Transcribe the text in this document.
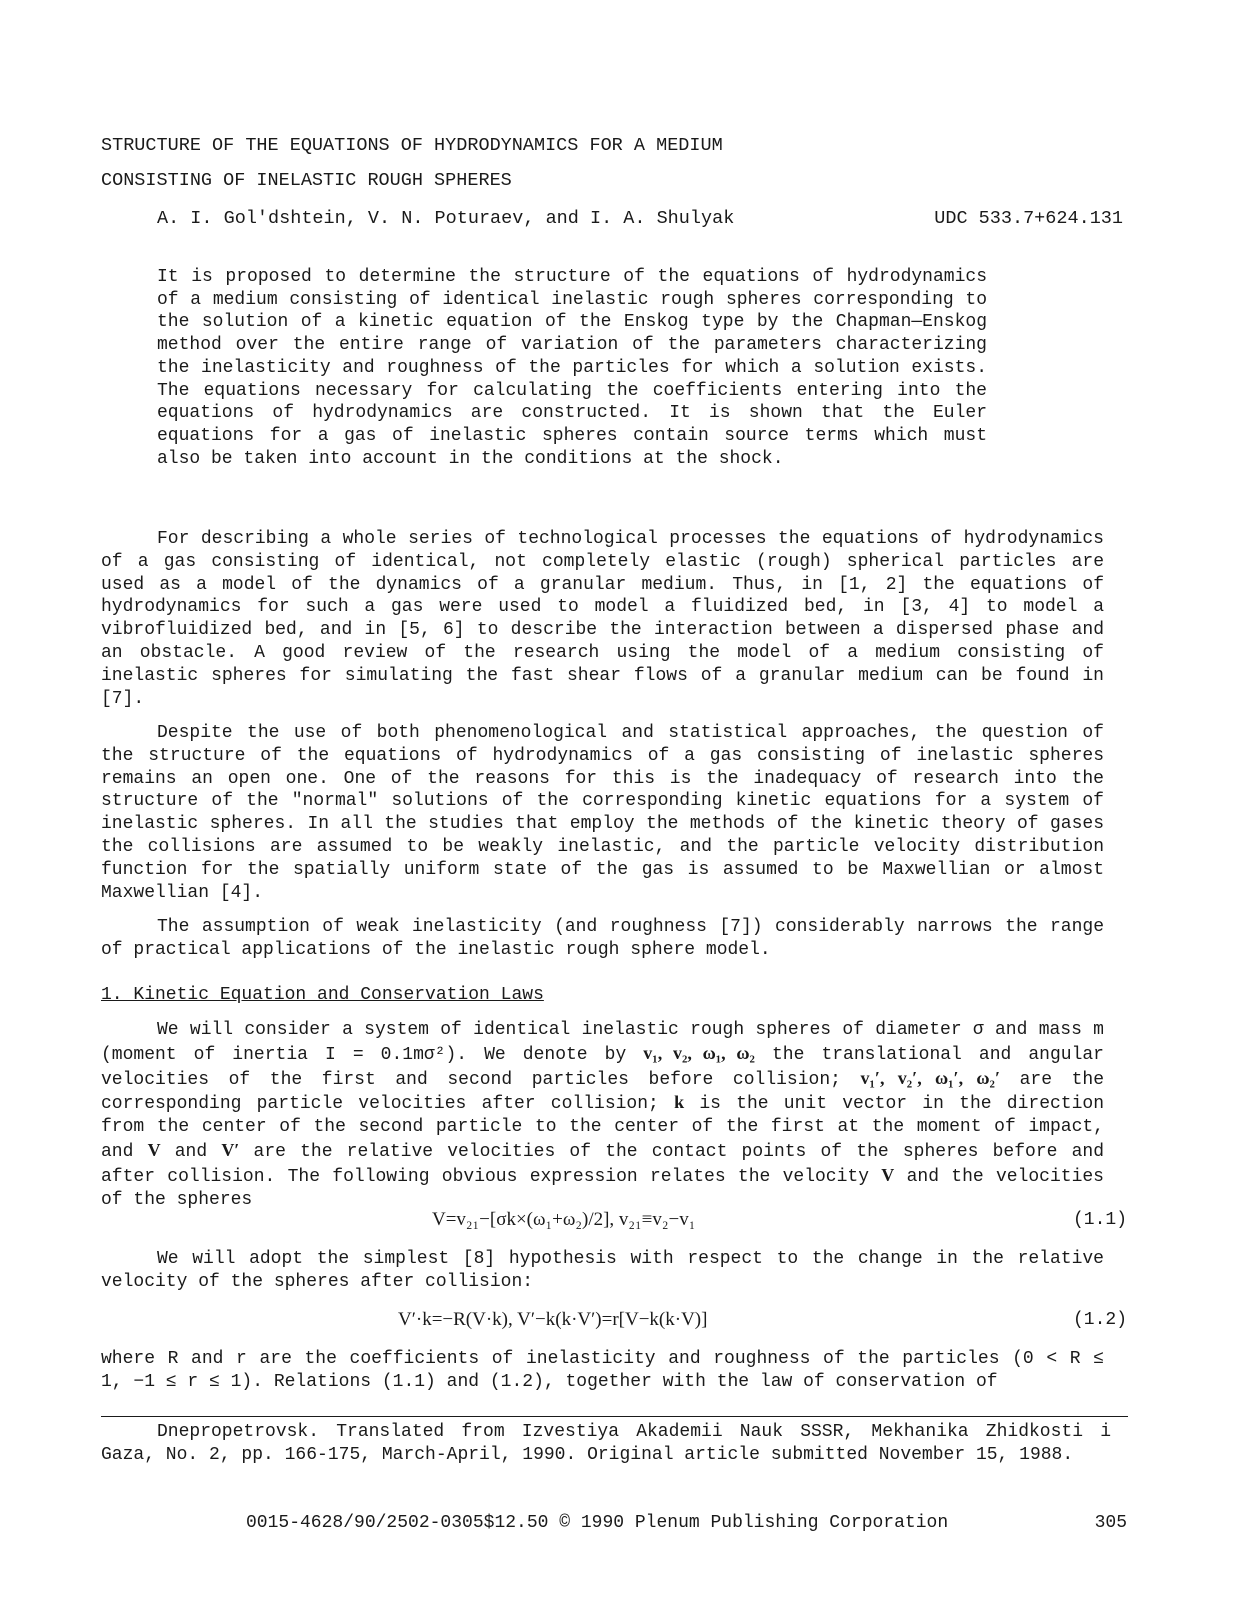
STRUCTURE OF THE EQUATIONS OF HYDRODYNAMICS FOR A MEDIUM
CONSISTING OF INELASTIC ROUGH SPHERES
A. I. Gol'dshtein, V. N. Poturaev, and I. A. Shulyak	UDC 533.7+624.131
It is proposed to determine the structure of the equations of hydrodynamics of a medium consisting of identical inelastic rough spheres corresponding to the solution of a kinetic equation of the Enskog type by the Chapman—Enskog method over the entire range of variation of the parameters characterizing the inelasticity and roughness of the particles for which a solution exists. The equations necessary for calculating the coefficients entering into the equations of hydrodynamics are constructed. It is shown that the Euler equations for a gas of inelastic spheres contain source terms which must also be taken into account in the conditions at the shock.

For describing a whole series of technological processes the equations of hydrodynamics of a gas consisting of identical, not completely elastic (rough) spherical particles are used as a model of the dynamics of a granular medium. Thus, in [1, 2] the equations of hydrodynamics for such a gas were used to model a fluidized bed, in [3, 4] to model a vibrofluidized bed, and in [5, 6] to describe the interaction between a dispersed phase and an obstacle. A good review of the research using the model of a medium consisting of inelastic spheres for simulating the fast shear flows of a granular medium can be found in [7].

Despite the use of both phenomenological and statistical approaches, the question of the structure of the equations of hydrodynamics of a gas consisting of inelastic spheres remains an open one. One of the reasons for this is the inadequacy of research into the structure of the "normal" solutions of the corresponding kinetic equations for a system of inelastic spheres. In all the studies that employ the methods of the kinetic theory of gases the collisions are assumed to be weakly inelastic, and the particle velocity distribution function for the spatially uniform state of the gas is assumed to be Maxwellian or almost Maxwellian [4].

The assumption of weak inelasticity (and roughness [7]) considerably narrows the range of practical applications of the inelastic rough sphere model.

1. Kinetic Equation and Conservation Laws

We will consider a system of identical inelastic rough spheres of diameter σ and mass m (moment of inertia I = 0.1mσ²). We denote by v₁, v₂, ω₁, ω₂ the translational and angular velocities of the first and second particles before collision; v₁′, v₂′, ω₁′, ω₂′ are the corresponding particle velocities after collision; k is the unit vector in the direction from the center of the second particle to the center of the first at the moment of impact, and V and V′ are the relative velocities of the contact points of the spheres before and after collision. The following obvious expression relates the velocity V and the velocities of the spheres

V=v₂₁−[σk×(ω₁+ω₂)/2], v₂₁≡v₂−v₁	(1.1)

We will adopt the simplest [8] hypothesis with respect to the change in the relative velocity of the spheres after collision:

V′·k=−R(V·k), V′−k(k·V′)=r[V−k(k·V)]	(1.2)

where R and r are the coefficients of inelasticity and roughness of the particles (0 < R ≤ 1, −1 ≤ r ≤ 1). Relations (1.1) and (1.2), together with the law of conservation of

Dnepropetrovsk. Translated from Izvestiya Akademii Nauk SSSR, Mekhanika Zhidkosti i Gaza, No. 2, pp. 166-175, March-April, 1990. Original article submitted November 15, 1988.

0015-4628/90/2502-0305$12.50 © 1990 Plenum Publishing Corporation	305
